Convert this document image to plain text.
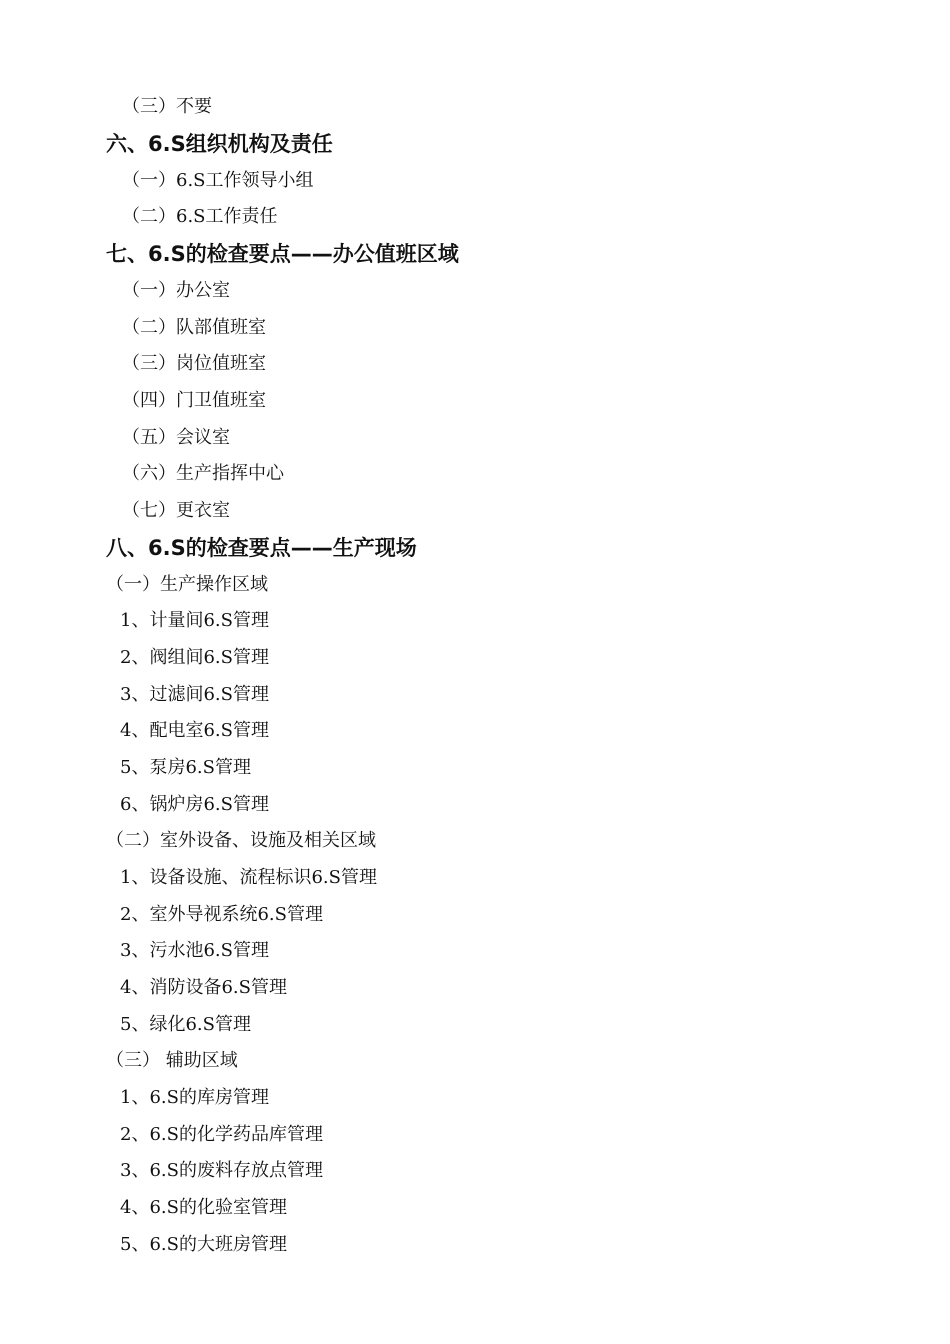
（三）不要
六、6.S组织机构及责任
（一）6.S工作领导小组
（二）6.S工作责任
七、6.S的检查要点——办公值班区域
（一）办公室
（二）队部值班室
（三）岗位值班室
（四）门卫值班室
（五）会议室
（六）生产指挥中心
（七）更衣室
八、6.S的检查要点——生产现场
（一）生产操作区域
1、计量间6.S管理
2、阀组间6.S管理
3、过滤间6.S管理
4、配电室6.S管理
5、泵房6.S管理
6、锅炉房6.S管理
（二）室外设备、设施及相关区域
1、设备设施、流程标识6.S管理
2、室外导视系统6.S管理
3、污水池6.S管理
4、消防设备6.S管理
5、绿化6.S管理
（三） 辅助区域
1、6.S的库房管理
2、6.S的化学药品库管理
3、6.S的废料存放点管理
4、6.S的化验室管理
5、6.S的大班房管理
